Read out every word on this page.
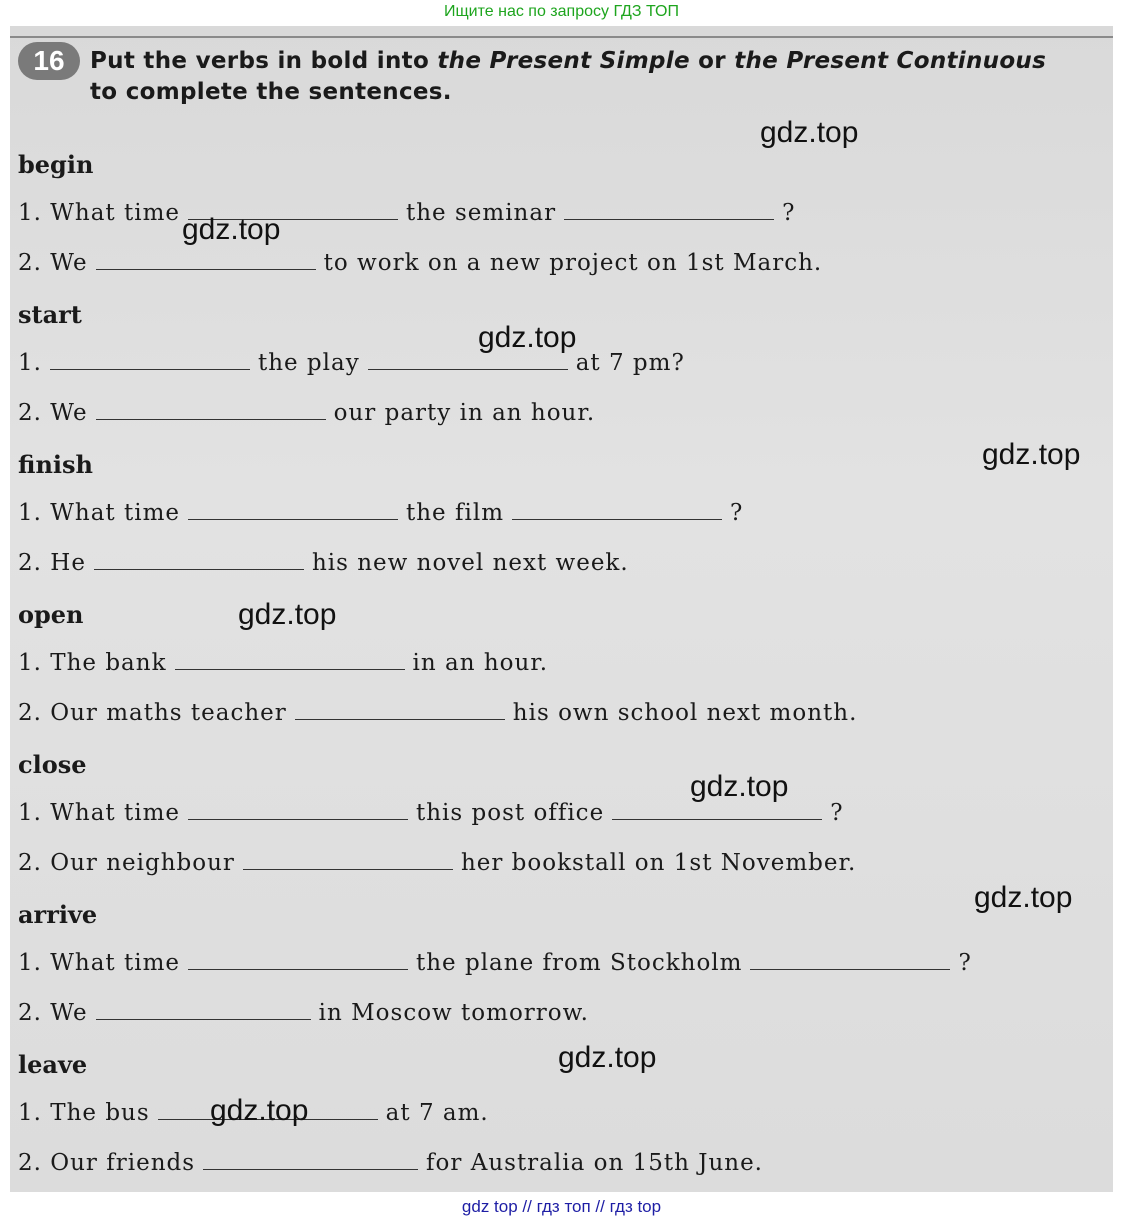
Ищите нас по запросу ГДЗ ТОП
16	Put the verbs in bold into the Present Simple or the Present Continuous
to complete the sentences.
begin
1. What time	the seminar	?
2. We	to work on a new project on 1st March.
start
1.	the play	at 7 pm?
2. We	our party in an hour.
finish
1. What time	the film	?
2. He	his new novel next week.
open
1. The bank	in an hour.
2. Our maths teacher	his own school next month.
close
1. What time	this post office	?
2. Our neighbour	her bookstall on 1st November.
arrive
1. What time	the plane from Stockholm	?
2. We	in Moscow tomorrow.
leave
1. The bus	at 7 am.
2. Our friends	for Australia on 15th June.
gdz.top
gdz.top
gdz.top
gdz.top
gdz.top
gdz.top
gdz.top
gdz.top
gdz.top
gdz top // гдз топ // гдз top
